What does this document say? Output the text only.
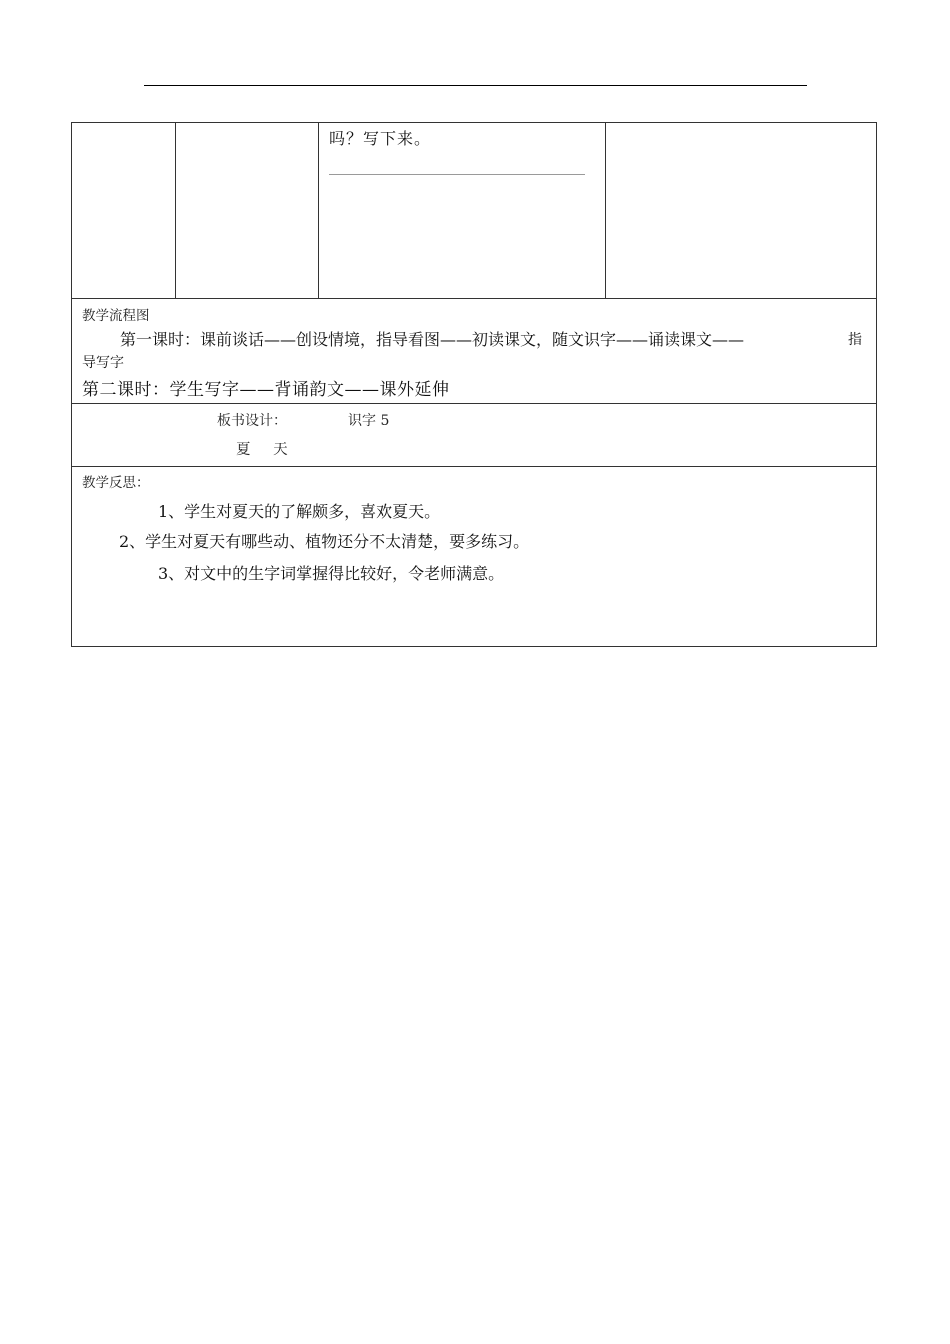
吗？写下来。
教学流程图
第一课时：课前谈话——创设情境，指导看图——初读课文，随文识字——诵读课文——	指
导写字
第二课时：学生写字——背诵韵文——课外延伸
板书设计：	识字 5
夏 天
教学反思：
1、学生对夏天的了解颇多，喜欢夏天。
2、学生对夏天有哪些动、植物还分不太清楚，要多练习。
3、对文中的生字词掌握得比较好，令老师满意。
